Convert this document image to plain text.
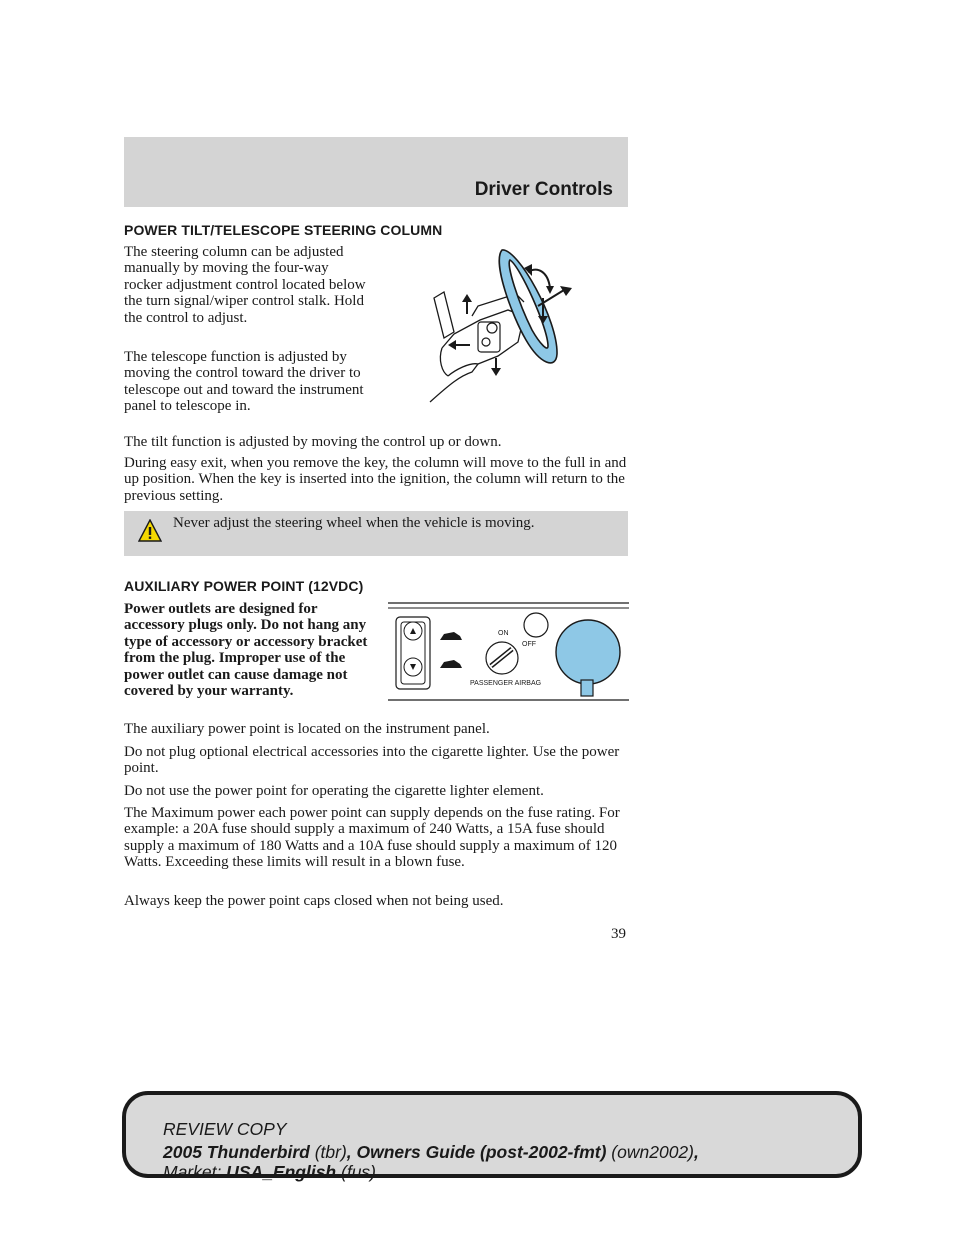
Driver Controls
POWER TILT/TELESCOPE STEERING COLUMN

The steering column can be adjusted manually by moving the four-way rocker adjustment control located below the turn signal/wiper control stalk. Hold the control to adjust.

The telescope function is adjusted by moving the control toward the driver to telescope out and toward the instrument panel to telescope in.

The tilt function is adjusted by moving the control up or down.

During easy exit, when you remove the key, the column will move to the full in and up position. When the key is inserted into the ignition, the column will return to the previous setting.

Never adjust the steering wheel when the vehicle is moving.
AUXILIARY POWER POINT (12VDC)

Power outlets are designed for accessory plugs only. Do not hang any type of accessory or accessory bracket from the plug. Improper use of the power outlet can cause damage not covered by your warranty.

ON
OFF
PASSENGER AIRBAG

The auxiliary power point is located on the instrument panel.

Do not plug optional electrical accessories into the cigarette lighter. Use the power point.

Do not use the power point for operating the cigarette lighter element.

The Maximum power each power point can supply depends on the fuse rating. For example: a 20A fuse should supply a maximum of 240 Watts, a 15A fuse should supply a maximum of 180 Watts and a 10A fuse should supply a maximum of 120 Watts. Exceeding these limits will result in a blown fuse.

Always keep the power point caps closed when not being used.

39
REVIEW COPY
2005 Thunderbird (tbr), Owners Guide (post-2002-fmt) (own2002),
Market: USA_English (fus)
